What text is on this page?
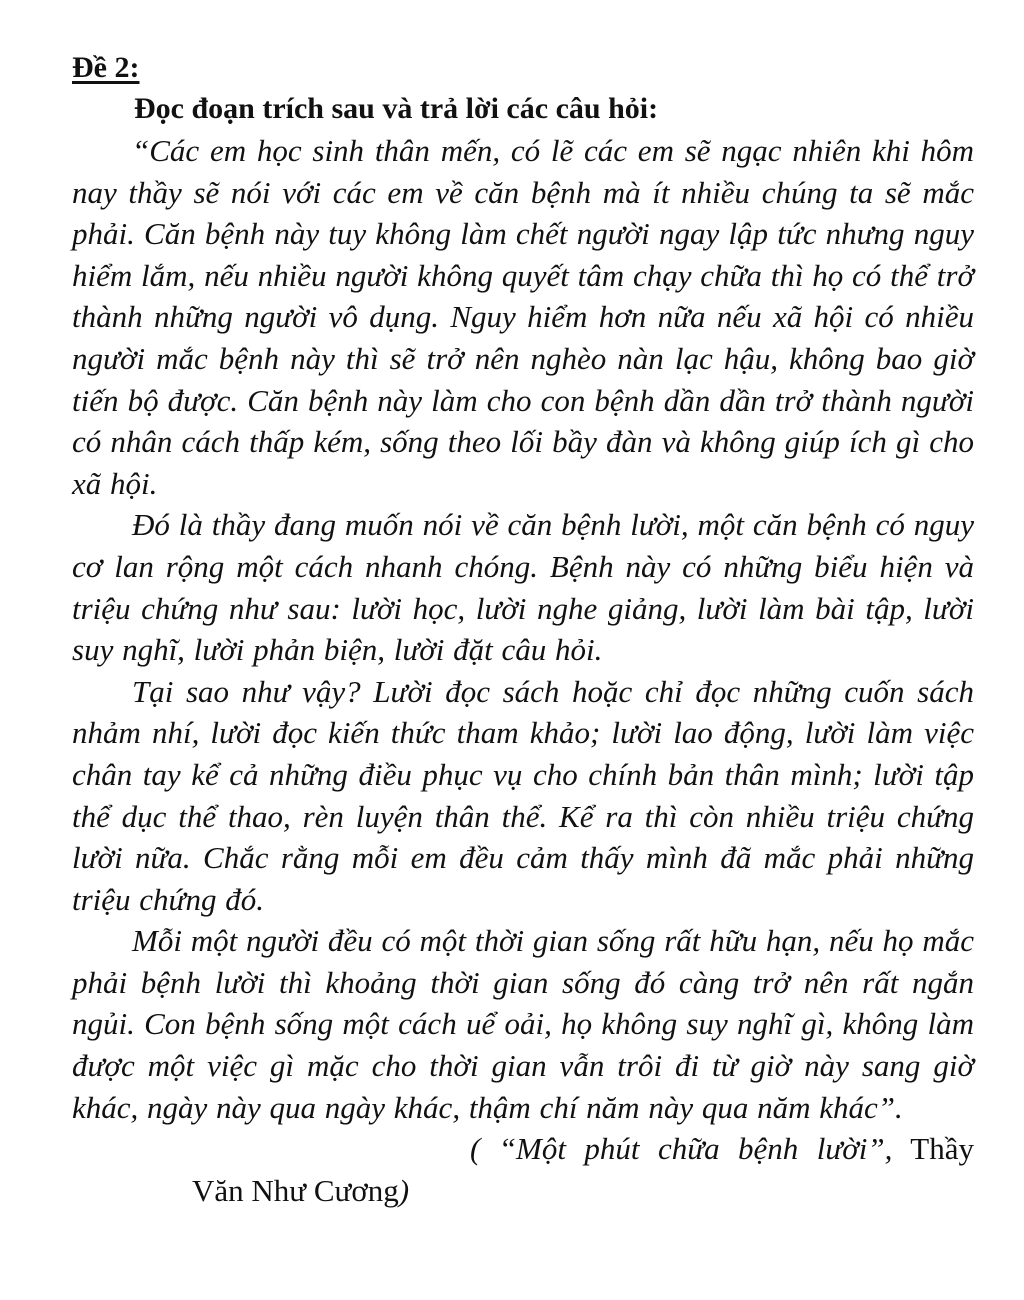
Đề 2:
Đọc đoạn trích sau và trả lời các câu hỏi:

“Các em học sinh thân mến, có lẽ các em sẽ ngạc nhiên khi hôm nay thầy sẽ nói với các em về căn bệnh mà ít nhiều chúng ta sẽ mắc phải. Căn bệnh này tuy không làm chết người ngay lập tức nhưng nguy hiểm lắm, nếu nhiều người không quyết tâm chạy chữa thì họ có thể trở thành những người vô dụng. Nguy hiểm hơn nữa nếu xã hội có nhiều người mắc bệnh này thì sẽ trở nên nghèo nàn lạc hậu, không bao giờ tiến bộ được. Căn bệnh này làm cho con bệnh dần dần trở thành người có nhân cách thấp kém, sống theo lối bầy đàn và không giúp ích gì cho xã hội.

Đó là thầy đang muốn nói về căn bệnh lười, một căn bệnh có nguy cơ lan rộng một cách nhanh chóng. Bệnh này có những biểu hiện và triệu chứng như sau: lười học, lười nghe giảng, lười làm bài tập, lười suy nghĩ, lười phản biện, lười đặt câu hỏi.

Tại sao như vậy? Lười đọc sách hoặc chỉ đọc những cuốn sách nhảm nhí, lười đọc kiến thức tham khảo; lười lao động, lười làm việc chân tay kể cả những điều phục vụ cho chính bản thân mình; lười tập thể dục thể thao, rèn luyện thân thể. Kể ra thì còn nhiều triệu chứng lười nữa. Chắc rằng mỗi em đều cảm thấy mình đã mắc phải những triệu chứng đó.

Mỗi một người đều có một thời gian sống rất hữu hạn, nếu họ mắc phải bệnh lười thì khoảng thời gian sống đó càng trở nên rất ngắn ngủi. Con bệnh sống một cách uể oải, họ không suy nghĩ gì, không làm được một việc gì mặc cho thời gian vẫn trôi đi từ giờ này sang giờ khác, ngày này qua ngày khác, thậm chí năm này qua năm khác”.

( “Một phút chữa bệnh lười”, Thầy Văn Như Cương)
